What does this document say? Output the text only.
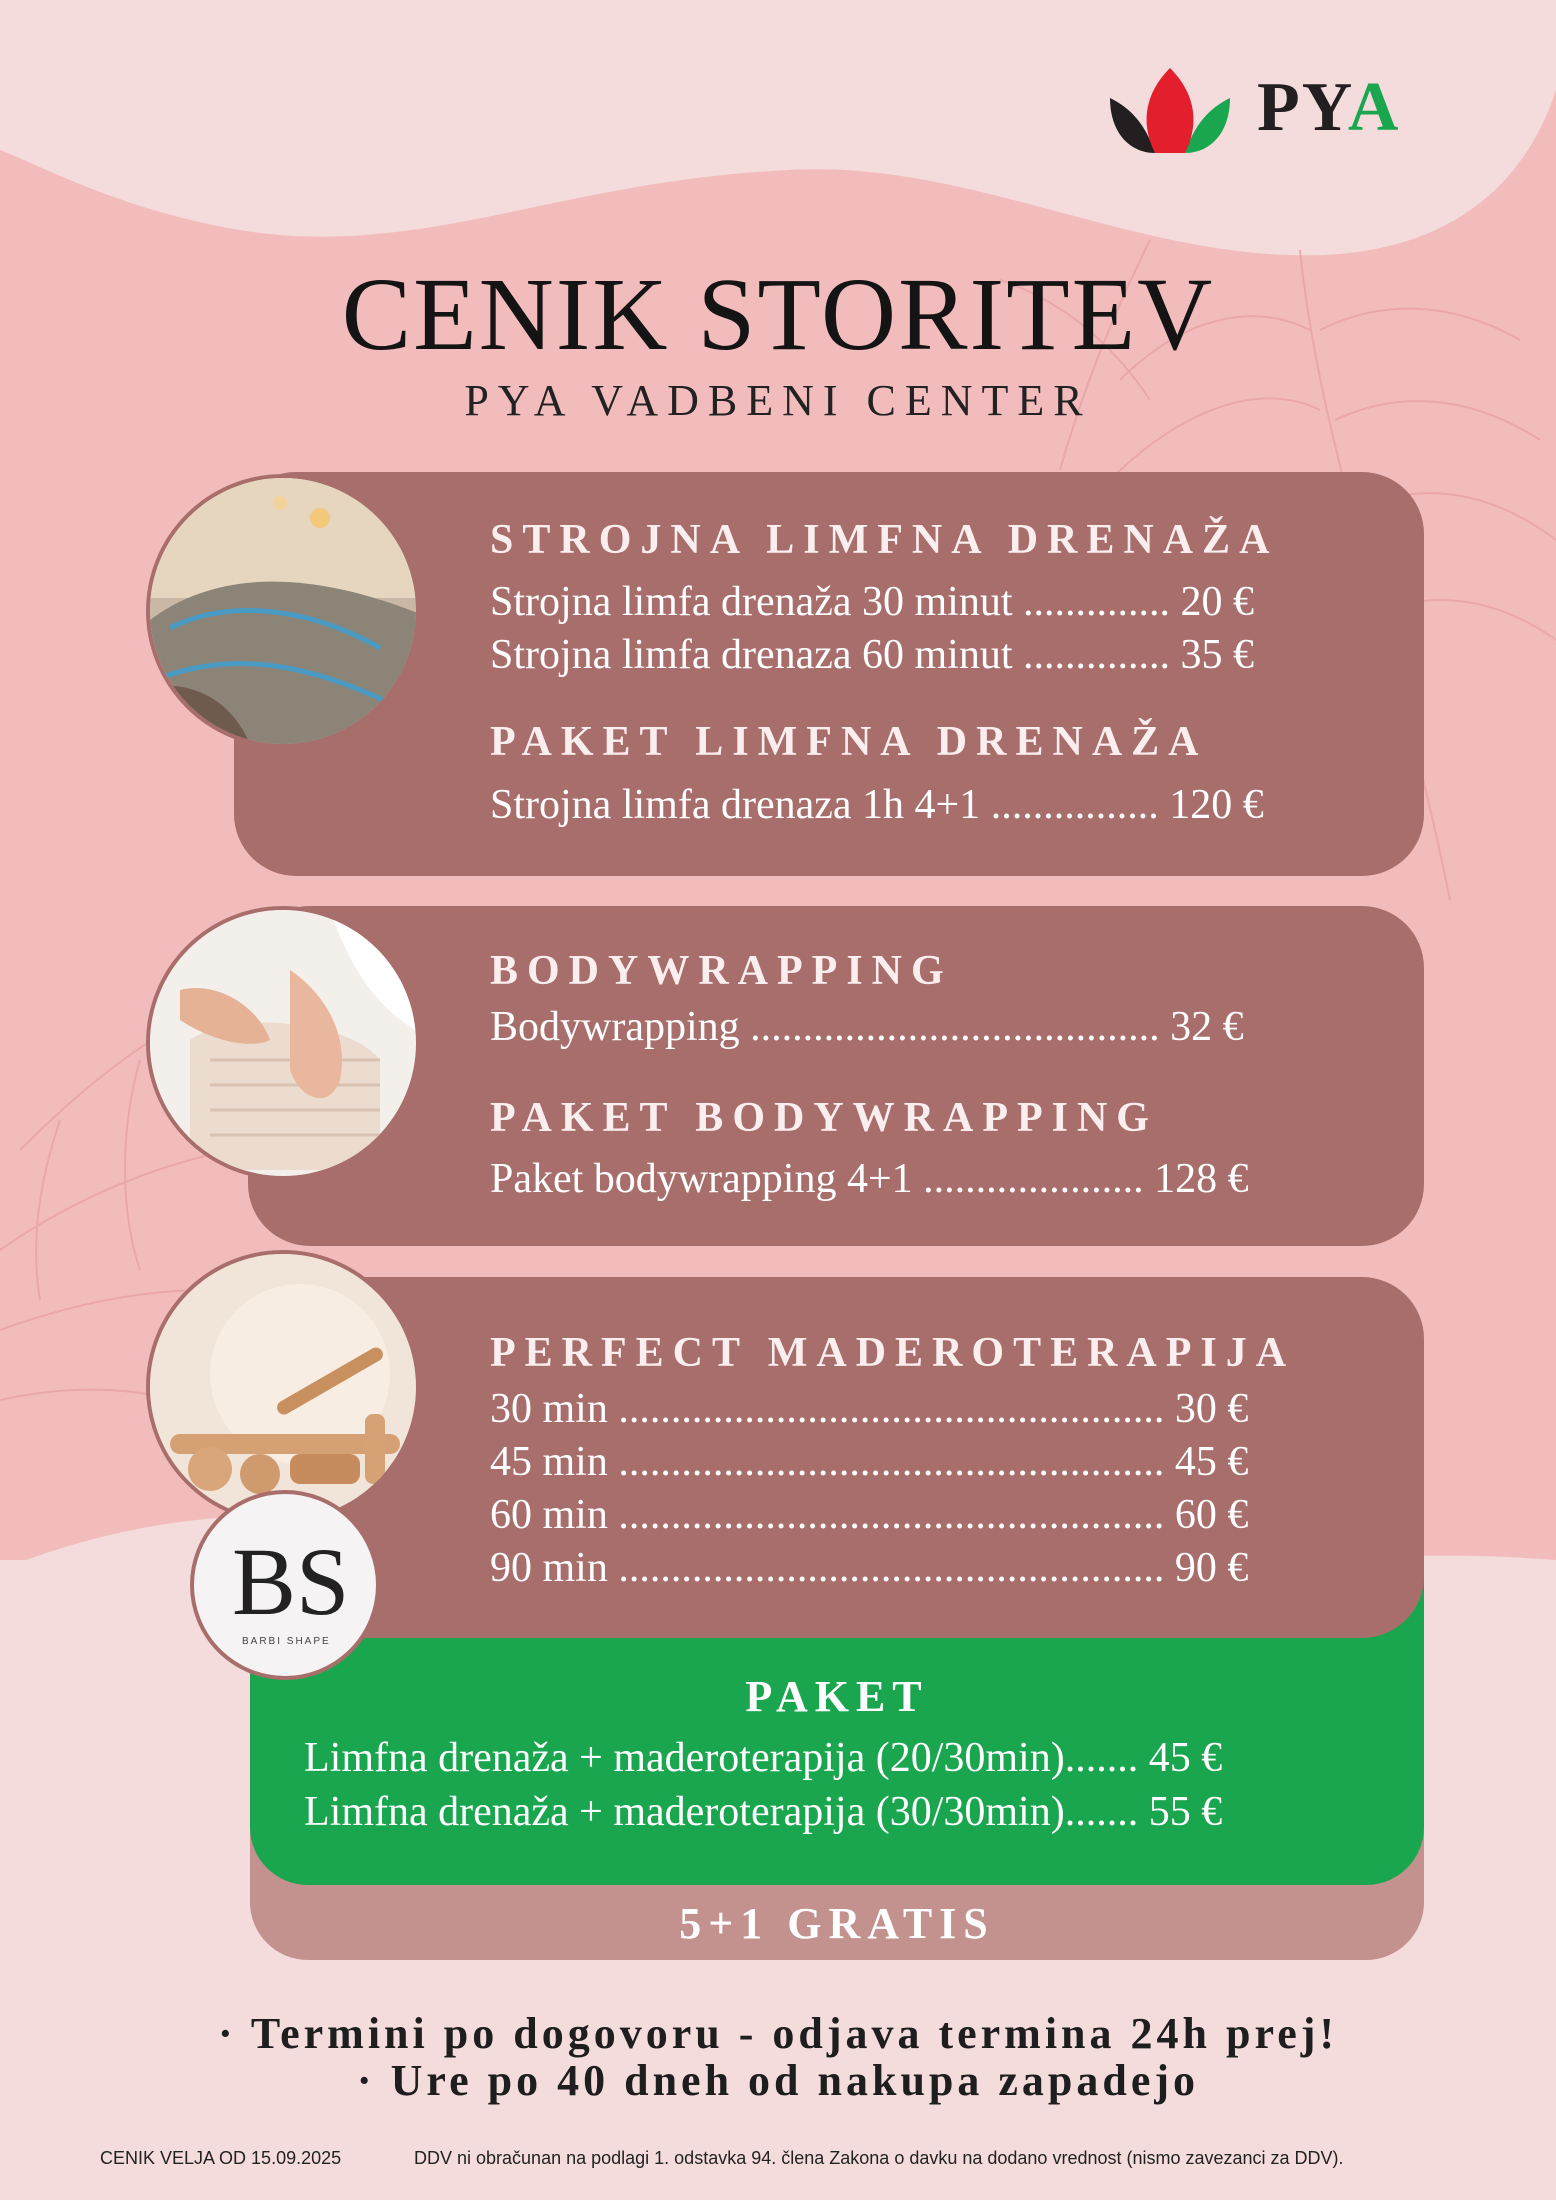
PYA
CENIK STORITEV
PYA VADBENI CENTER
BS
BARBI SHAPE
STROJNA LIMFNA DRENAŽA
Strojna limfa drenaža 30 minut .............. 20 €
Strojna limfa drenaza 60 minut .............. 35 €
PAKET LIMFNA DRENAŽA
Strojna limfa drenaza 1h 4+1 ................ 120 €
BODYWRAPPING
Bodywrapping ....................................... 32 €
PAKET BODYWRAPPING
Paket bodywrapping 4+1 ..................... 128 €
PERFECT MADEROTERAPIJA
30 min .................................................... 30 €
45 min .................................................... 45 €
60 min .................................................... 60 €
90 min .................................................... 90 €
PAKET
Limfna drenaža + maderoterapija (20/30min)....... 45 €
Limfna drenaža + maderoterapija (30/30min)....... 55 €
5+1 GRATIS
· Termini po dogovoru - odjava termina 24h prej!
· Ure po 40 dneh od nakupa zapadejo
CENIK VELJA OD 15.09.2025	DDV ni obračunan na podlagi 1. odstavka 94. člena Zakona o davku na dodano vrednost (nismo zavezanci za DDV).
